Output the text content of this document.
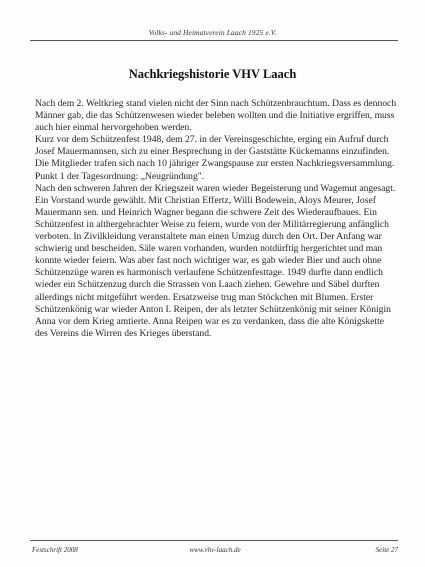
Volks- und Heimatverein Laach 1925 e.V.
Nachkriegshistorie VHV Laach

Nach dem 2. Weltkrieg stand vielen nicht der Sinn nach Schützenbrauchtum. Dass es dennoch Männer gab, die das Schützenwesen wieder beleben wollten und die Initiative ergriffen, muss auch hier einmal hervorgehoben werden.

Kurz vor dem Schützenfest 1948, dem 27. in der Vereinsgeschichte, erging ein Aufruf durch Josef Mauermannsen, sich zu einer Besprechung in der Gaststätte Kückemanns einzufinden.

Die Mitglieder trafen sich nach 10 jähriger Zwangspause zur ersten Nachkriegsversammlung. Punkt 1 der Tagesordnung: „Neugründung".

Nach den schweren Jahren der Kriegszeit waren wieder Begeisterung und Wagemut angesagt. Ein Vorstand wurde gewählt. Mit Christian Effertz, Willi Bodewein, Aloys Meurer, Josef Mauermann sen. und Heinrich Wagner begann die schwere Zeit des Wiederaufbaues. Ein Schützenfest in althergebrachter Weise zu feiern, wurde von der Militärregierung anfänglich verboten. In Zivilkleidung veranstaltete man einen Umzug durch den Ort. Der Anfang war schwierig und bescheiden. Säle waren vorhanden, wurden notdürftig hergerichtet und man konnte wieder feiern. Was aber fast noch wichtiger war, es gab wieder Bier und auch ohne Schützenzüge waren es harmonisch verlaufene Schützenfesttage. 1949 durfte dann endlich wieder ein Schützenzug durch die Strassen von Laach ziehen. Gewehre und Säbel durften allerdings nicht mitgeführt werden. Ersatzweise trug man Stöckchen mit Blumen. Erster Schützenkönig war wieder Anton I. Reipen, der als letzter Schützenkönig mit seiner Königin Anna vor dem Krieg amtierte. Anna Reipen war es zu verdanken, dass die alte Königskette des Vereins die Wirren des Krieges überstand.

Festschrift 2008	www.vhv-laach.de	Seite 27
